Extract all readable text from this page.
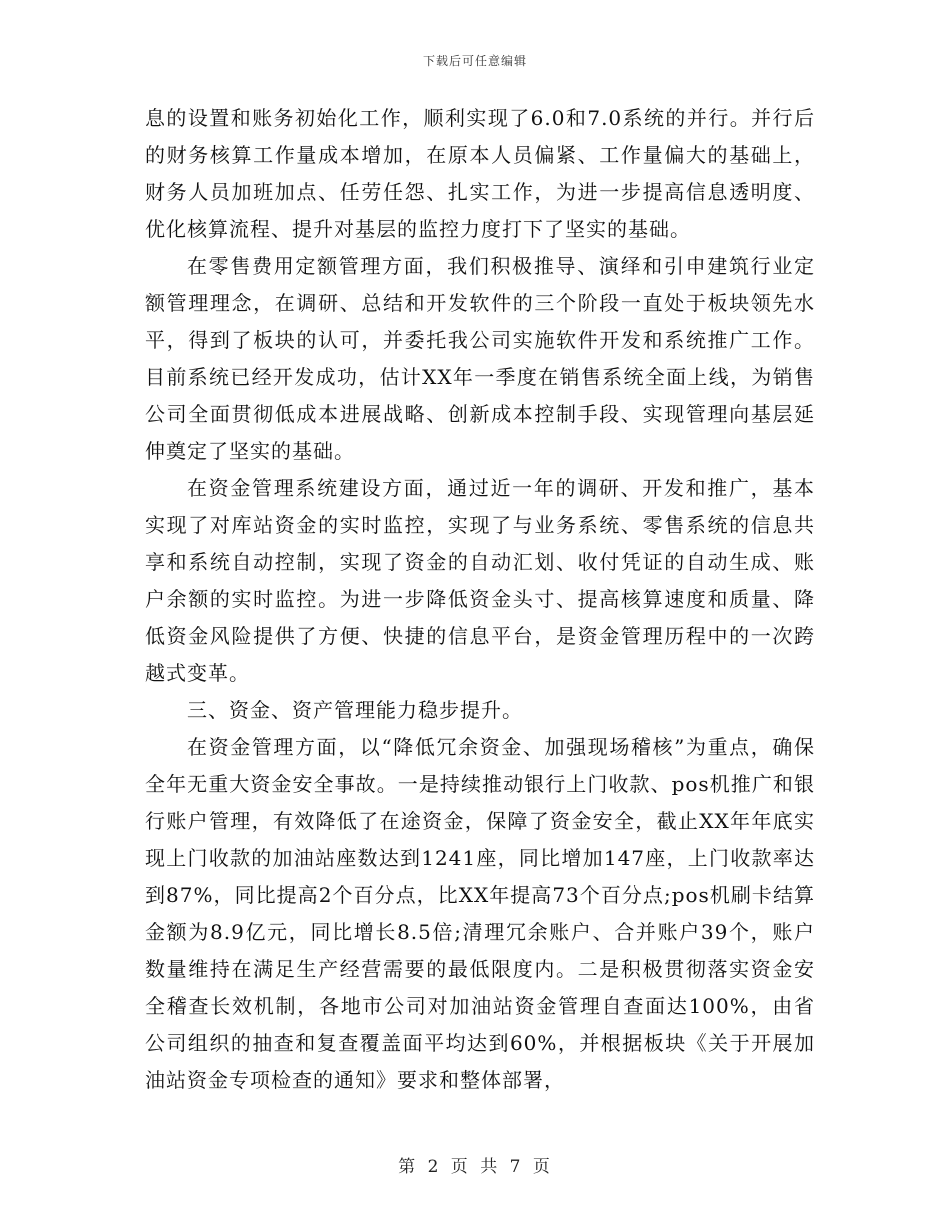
下载后可任意编辑

息的设置和账务初始化工作，顺利实现了6.0和7.0系统的并行。并行后的财务核算工作量成本增加，在原本人员偏紧、工作量偏大的基础上，财务人员加班加点、任劳任怨、扎实工作，为进一步提高信息透明度、优化核算流程、提升对基层的监控力度打下了坚实的基础。

在零售费用定额管理方面，我们积极推导、演绎和引申建筑行业定额管理理念，在调研、总结和开发软件的三个阶段一直处于板块领先水平，得到了板块的认可，并委托我公司实施软件开发和系统推广工作。目前系统已经开发成功，估计XX年一季度在销售系统全面上线，为销售公司全面贯彻低成本进展战略、创新成本控制手段、实现管理向基层延伸奠定了坚实的基础。

在资金管理系统建设方面，通过近一年的调研、开发和推广，基本实现了对库站资金的实时监控，实现了与业务系统、零售系统的信息共享和系统自动控制，实现了资金的自动汇划、收付凭证的自动生成、账户余额的实时监控。为进一步降低资金头寸、提高核算速度和质量、降低资金风险提供了方便、快捷的信息平台，是资金管理历程中的一次跨越式变革。

三、资金、资产管理能力稳步提升。

在资金管理方面，以“降低冗余资金、加强现场稽核”为重点，确保全年无重大资金安全事故。一是持续推动银行上门收款、pos机推广和银行账户管理，有效降低了在途资金，保障了资金安全，截止XX年年底实现上门收款的加油站座数达到1241座，同比增加147座，上门收款率达到87%，同比提高2个百分点，比XX年提高73个百分点;pos机刷卡结算金额为8.9亿元，同比增长8.5倍;清理冗余账户、合并账户39个，账户数量维持在满足生产经营需要的最低限度内。二是积极贯彻落实资金安全稽查长效机制，各地市公司对加油站资金管理自查面达100%，由省公司组织的抽查和复查覆盖面平均达到60%，并根据板块《关于开展加油站资金专项检查的通知》要求和整体部署，

第 2 页 共 7 页
